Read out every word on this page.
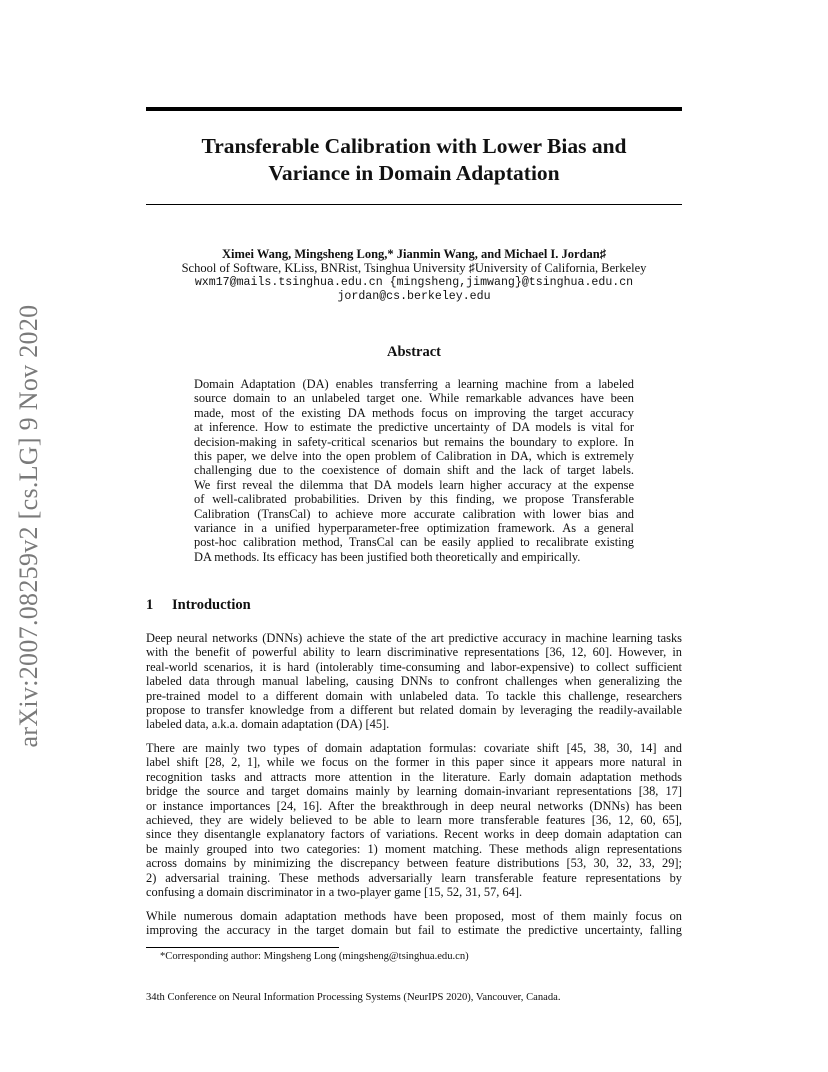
arXiv:2007.08259v2 [cs.LG] 9 Nov 2020
Transferable Calibration with Lower Bias and
Variance in Domain Adaptation
Ximei Wang, Mingsheng Long,* Jianmin Wang, and Michael I. Jordan♯
School of Software, KLiss, BNRist, Tsinghua University ♯University of California, Berkeley
wxm17@mails.tsinghua.edu.cn {mingsheng,jimwang}@tsinghua.edu.cn
jordan@cs.berkeley.edu
Abstract
Domain Adaptation (DA) enables transferring a learning machine from a labeled
source domain to an unlabeled target one. While remarkable advances have been
made, most of the existing DA methods focus on improving the target accuracy
at inference. How to estimate the predictive uncertainty of DA models is vital for
decision-making in safety-critical scenarios but remains the boundary to explore. In
this paper, we delve into the open problem of Calibration in DA, which is extremely
challenging due to the coexistence of domain shift and the lack of target labels.
We first reveal the dilemma that DA models learn higher accuracy at the expense
of well-calibrated probabilities. Driven by this finding, we propose Transferable
Calibration (TransCal) to achieve more accurate calibration with lower bias and
variance in a unified hyperparameter-free optimization framework. As a general
post-hoc calibration method, TransCal can be easily applied to recalibrate existing
DA methods. Its efficacy has been justified both theoretically and empirically.
1 Introduction
Deep neural networks (DNNs) achieve the state of the art predictive accuracy in machine learning tasks
with the benefit of powerful ability to learn discriminative representations [36, 12, 60]. However, in
real-world scenarios, it is hard (intolerably time-consuming and labor-expensive) to collect sufficient
labeled data through manual labeling, causing DNNs to confront challenges when generalizing the
pre-trained model to a different domain with unlabeled data. To tackle this challenge, researchers
propose to transfer knowledge from a different but related domain by leveraging the readily-available
labeled data, a.k.a. domain adaptation (DA) [45].
There are mainly two types of domain adaptation formulas: covariate shift [45, 38, 30, 14] and
label shift [28, 2, 1], while we focus on the former in this paper since it appears more natural in
recognition tasks and attracts more attention in the literature. Early domain adaptation methods
bridge the source and target domains mainly by learning domain-invariant representations [38, 17]
or instance importances [24, 16]. After the breakthrough in deep neural networks (DNNs) has been
achieved, they are widely believed to be able to learn more transferable features [36, 12, 60, 65],
since they disentangle explanatory factors of variations. Recent works in deep domain adaptation can
be mainly grouped into two categories: 1) moment matching. These methods align representations
across domains by minimizing the discrepancy between feature distributions [53, 30, 32, 33, 29];
2) adversarial training. These methods adversarially learn transferable feature representations by
confusing a domain discriminator in a two-player game [15, 52, 31, 57, 64].
While numerous domain adaptation methods have been proposed, most of them mainly focus on
improving the accuracy in the target domain but fail to estimate the predictive uncertainty, falling
*Corresponding author: Mingsheng Long (mingsheng@tsinghua.edu.cn)
34th Conference on Neural Information Processing Systems (NeurIPS 2020), Vancouver, Canada.
